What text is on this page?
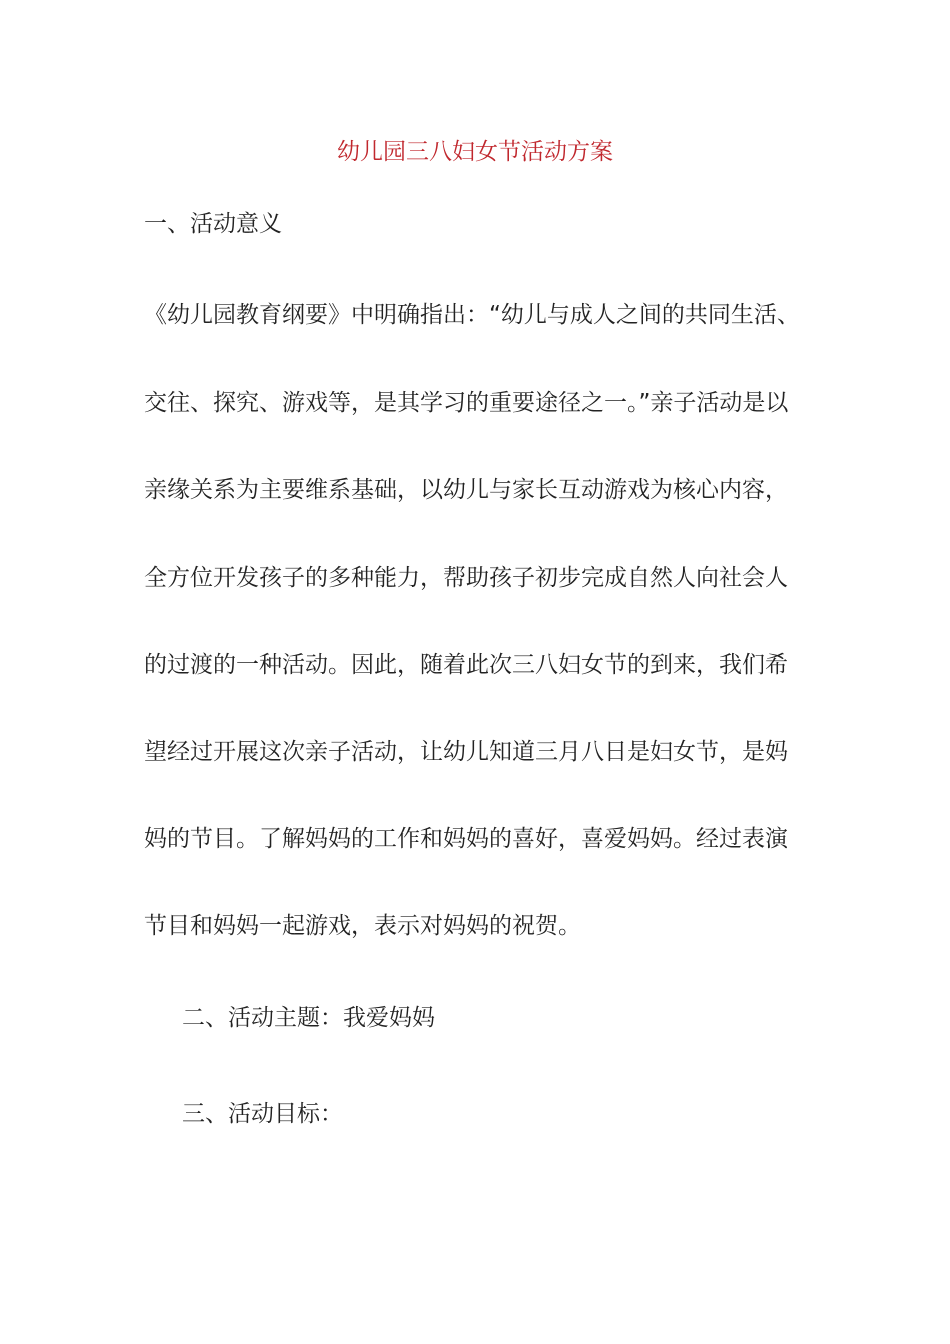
幼儿园三八妇女节活动方案
一、活动意义
《幼儿园教育纲要》中明确指出：“幼儿与成人之间的共同生活、
交往、探究、游戏等，是其学习的重要途径之一。”亲子活动是以
亲缘关系为主要维系基础，以幼儿与家长互动游戏为核心内容，
全方位开发孩子的多种能力，帮助孩子初步完成自然人向社会人
的过渡的一种活动。因此，随着此次三八妇女节的到来，我们希
望经过开展这次亲子活动，让幼儿知道三月八日是妇女节，是妈
妈的节目。了解妈妈的工作和妈妈的喜好，喜爱妈妈。经过表演
节目和妈妈一起游戏，表示对妈妈的祝贺。
二、活动主题：我爱妈妈
三、活动目标：
